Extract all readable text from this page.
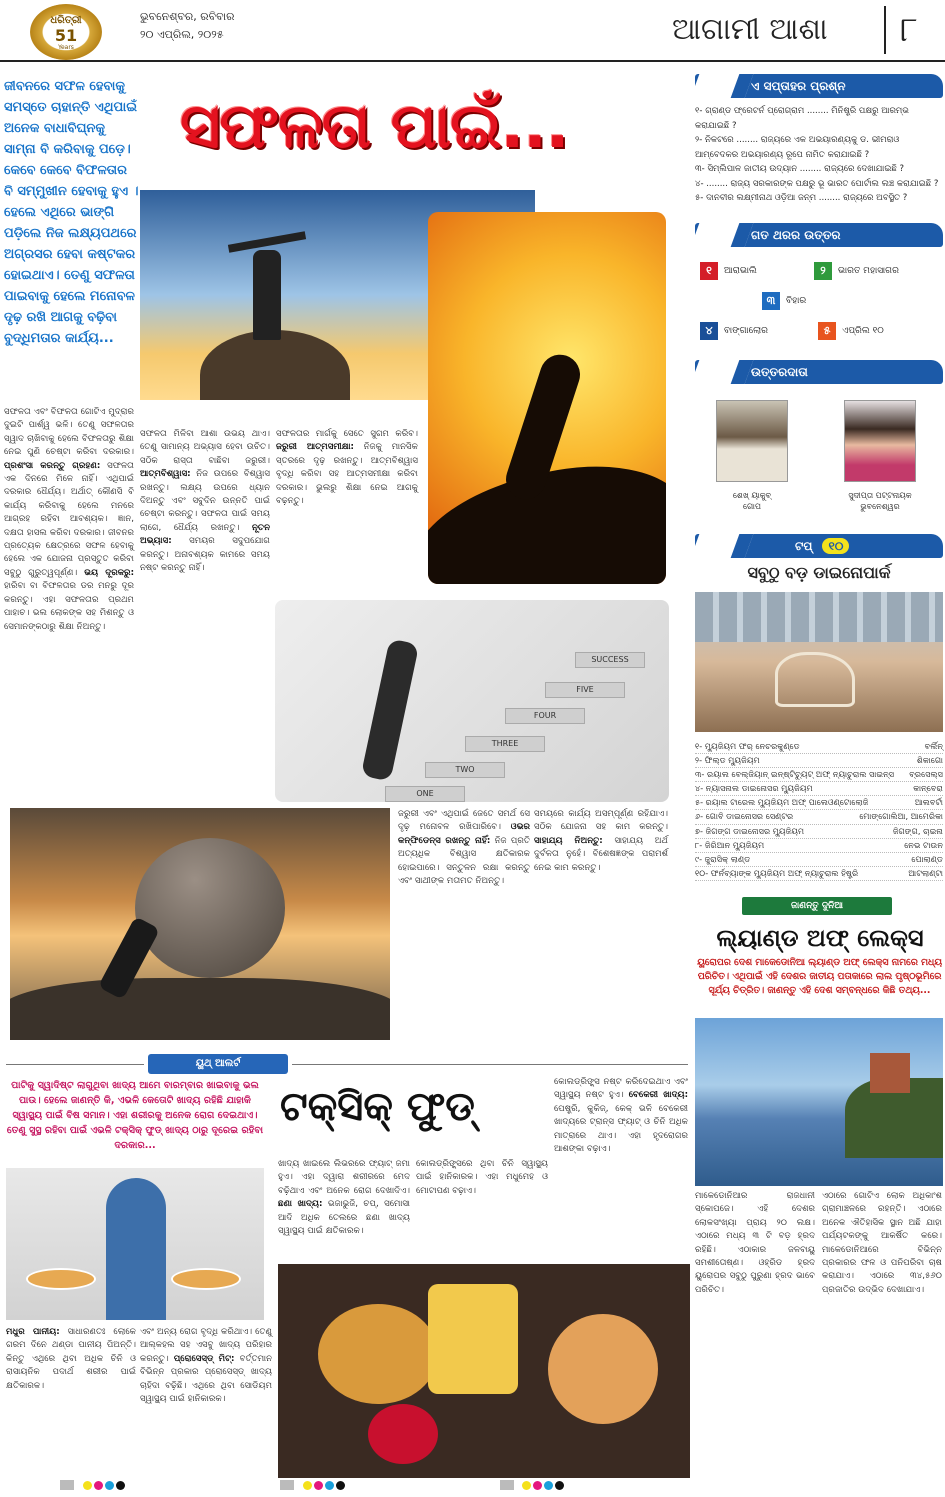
ଧରିତ୍ରୀ
51
Years
ଭୁବନେଶ୍ବର, ରବିବାର
୨୦ ଏପ୍ରିଲ, ୨୦୨୫	ଆଗାମୀ ଆଶା ୮
ଜୀବନରେ ସଫଳ ହେବାକୁ ସମସ୍ତେ ଚାହାନ୍ତି ଏଥିପାଇଁ ଅନେକ ବାଧାବିଘ୍ନକୁ ସାମ୍ନା ବି କରିବାକୁ ପଡ଼େ। କେବେ କେବେ ବିଫଳତାର ବି ସମ୍ମୁଖୀନ ହେବାକୁ ହୁଏ । ହେଲେ ଏଥିରେ ଭାଙ୍ଗି ପଡ଼ିଲେ ନିଜ ଲକ୍ଷ୍ୟପଥରେ ଅଗ୍ରସର ହେବା କଷ୍ଟକର ହୋଇଥାଏ। ତେଣୁ ସଫଳତା ପାଇବାକୁ ହେଲେ ମନୋବଳ ଦୃଢ଼ ରଖି ଆଗକୁ ବଢ଼ିବା ବୁଦ୍ଧିମତାର କାର୍ଯ୍ୟ...
ସଫଳତା ପାଇଁ...
ସଫଳତା ଏବଂ ବିଫଳତା ଗୋଟିଏ ମୁଦ୍ରାର ଦୁଇଟି ପାର୍ଶ୍ୱ ଭଳି। ତେଣୁ ସଫଳତାର ସ୍ୱାଦ ଚାଖିବାକୁ ହେଲେ ବିଫଳତାରୁ ଶିକ୍ଷା ନେଇ ପୁଣି ଚେଷ୍ଟା କରିବା ଦରକାର। ପ୍ରଶଂସା କରନ୍ତୁ ଗ୍ରହଣ: ସଫଳତା ଏକ ଦିନରେ ମିଳେ ନାହିଁ। ଏଥିପାଇଁ ଦରକାର ଧୈର୍ଯ୍ୟ। ଅର୍ଥାତ୍ କୌଣସି ବି କାର୍ଯ୍ୟ କରିବାକୁ ହେଲେ ମନରେ ଆଗ୍ରହ ରହିବା ଆବଶ୍ୟକ। ଜ୍ଞାନ, ଦକ୍ଷତା ହାସଲ କରିବା ଦରକାର। ଜୀବନର ପ୍ରତ୍ୟେକ କ୍ଷେତ୍ରରେ ସଫଳ ହେବାକୁ ହେଲେ ଏକ ଯୋଜନା ପ୍ରସ୍ତୁତ କରିବା ସବୁଠୁ ଗୁରୁତ୍ୱପୂର୍ଣ୍ଣ। ଭୟ ଦୂରକରୁ: ହାରିବା ବା ବିଫଳତାର ଡର ମନରୁ ଦୂର କରନ୍ତୁ। ଏହା ସଫଳତାର ପ୍ରଥମ ପାହାଚ। ଭଲ ଲୋକଙ୍କ ସହ ମିଶନ୍ତୁ ଓ ସେମାନଙ୍କଠାରୁ ଶିକ୍ଷା ନିଅନ୍ତୁ।
ସଫଳତା ମିଳିବା ଆଶା ଉଭୟ ଥାଏ। ତେଣୁ ସାମାନ୍ୟ ଅଭ୍ୟାସ ହେବା ଉଚିତ। ସଠିକ ରାସ୍ତା ବାଛିବା ଜରୁରୀ। ଆତ୍ମବିଶ୍ୱାସ: ନିଜ ଉପରେ ବିଶ୍ୱାସ ରଖନ୍ତୁ। ଲକ୍ଷ୍ୟ ଉପରେ ଧ୍ୟାନ ଦିଅନ୍ତୁ ଏବଂ ସବୁଦିନ ଉନ୍ନତି ପାଇଁ ଚେଷ୍ଟା କରନ୍ତୁ। ସଫଳତା ପାଇଁ ସମୟ ଲାଗେ, ଧୈର୍ଯ୍ୟ ରଖନ୍ତୁ। ନୂତନ ଅଭ୍ୟାସ: ସମୟର ସଦୁପଯୋଗ କରନ୍ତୁ। ଅନାବଶ୍ୟକ କାମରେ ସମୟ ନଷ୍ଟ କରନ୍ତୁ ନାହିଁ।
ସଫଳତାର ମାର୍ଗକୁ ସେତେ ସୁଗମ କରିବ। ଜରୁରୀ ଆତ୍ମସମୀକ୍ଷା: ନିଜକୁ ମାନସିକ ସ୍ତରରେ ଦୃଢ଼ ରଖନ୍ତୁ। ଆତ୍ମବିଶ୍ୱାସ ବୃଦ୍ଧି କରିବା ସହ ଆତ୍ମସମୀକ୍ଷା କରିବା ଦରକାର। ଭୁଲରୁ ଶିକ୍ଷା ନେଇ ଆଗକୁ ବଢ଼ନ୍ତୁ।
SUCCESS
FIVE
FOUR
THREE
TWO
ONE
ଜରୁରୀ ଏବଂ ଏଥିପାଇଁ ଜେତେ ସମର୍ଥ ସେ ଦୃଢ଼ ମନୋବଳ ରଖିପାରିବେ। ଓଭର କନ୍ଫିଡେନ୍ସ ରଖନ୍ତୁ ନାହିଁ: ନିଜ ପ୍ରତି ଅତ୍ୟଧିକ ବିଶ୍ୱାସ କ୍ଷତିକାରକ ହୋଇପାରେ। ସନ୍ତୁଳନ ରକ୍ଷା କରନ୍ତୁ ଏବଂ ସାଥୀଙ୍କ ମତାମତ ନିଅନ୍ତୁ।
ସମୟରେ କାର୍ଯ୍ୟ ଅସମ୍ପୂର୍ଣ୍ଣ ରହିଯାଏ। ସଠିକ ଯୋଜନା ସହ କାମ କରନ୍ତୁ। ସାହାଯ୍ୟ ନିଅନ୍ତୁ: ସାହାଯ୍ୟ ଅର୍ଥ ଦୁର୍ବଳତା ନୁହେଁ। ବିଶେଷଜ୍ଞଙ୍କ ପରାମର୍ଶ ନେଇ କାମ କରନ୍ତୁ।
ଏ ସପ୍ତାହର ପ୍ରଶ୍ନ
୧- ଗ୍ରାଣ୍ଡ ଫ୍ରେଟର୍ନ ପ୍ରୋଗ୍ରାମ ........ ମିନିଷ୍ଟ୍ରି ପକ୍ଷରୁ ଆରମ୍ଭ କରାଯାଇଛି ?
୨- ନିକଟରେ ........ ରାଜ୍ୟରେ ଏକ ଅଭୟାରଣ୍ୟକୁ ଡ. ଭୀମରାଓ ଆମ୍ବେଦକର ଅଭୟାରଣ୍ୟ ରୂପେ ନାମିତ କରାଯାଇଛି ?
୩- ସିମ୍ଲିପାଳ ଜାତୀୟ ଉଦ୍ୟାନ ........ ରାଜ୍ୟରେ ଦେଖାଯାଇଛି ?
୪- ........ ରାଜ୍ୟ ସରକାରଙ୍କ ପକ୍ଷରୁ ଭୂ ଭାରତ ପୋର୍ଟାଲ ଲଞ୍ଚ କରାଯାଇଛି ?
୫- ଦାନବୀର ଲକ୍ଷ୍ମୀନାଥ ଓଡ଼ିଆ ଜନ୍ମ ........ ରାଜ୍ୟରେ ଅବସ୍ଥିତ ?
ଗତ ଥରର ଉତ୍ତର
୧	ଆରାଭାଲି	୨	ଭାରତ ମହାସାଗର
୩	ବିହାର
୪	ବାଙ୍ଗାଲୋର	୫	ଏପ୍ରିଲ ୧୦
ଉତ୍ତରଦାତା
ଶେଖ୍ ୟାକୁବ୍
ଗୋପ
ସୁଦୀପ୍ତା ପଟ୍ଟନାୟକ
ଭୁବନେଶ୍ୱର
ଟପ୍ ୧୦
ସବୁଠୁ ବଡ଼ ଡାଇନୋପାର୍କ
୧- ମ୍ୟୁଜିୟମ ଫର୍ ନେଚରକୁଣ୍ଡେ	ବର୍ଲିନ୍
୨- ଫିଲ୍ଡ ମ୍ୟୁଜିୟମ	ଶିକାଗୋ
୩- ରୟାଲ ବେଲ୍ଜିୟାନ୍ ଇନ୍‌ଷ୍ଟିଚ୍ୟୁଟ୍ ଅଫ୍ ନ୍ୟାଚୁରାଲ ସାଇନ୍ସ ବ୍ରସେଲ୍ସ
୪- ନ୍ୟାସନାଲ ଡାଇନୋସର ମ୍ୟୁଜିୟମ	କାନ୍‌ବେରା
୫- ରୟାଲ ଟାରେଲ ମ୍ୟୁଜିୟମ ଅଫ୍ ପାଲେଓଣ୍ଟୋଲୋଜି	ଆଲବର୍ଟା
୬- ଗୋବି ଡାଇନୋସର ସେଣ୍ଟର	ମୋଙ୍ଗୋଲିଆ, ଆମେରିକା
୭- ଜିଗଙ୍ଗ ଡାଇନୋସର ମ୍ୟୁଜିୟମ	ଜିଗଙ୍ଗ, ଚାଇନା
୮- ଜିରିଆନ ମ୍ୟୁଜିୟମ	ନେଭ ଟାଉନ
୯- ଜୁରାସିକ୍ ଲାଣ୍ଡ	ପୋଲାଣ୍ଡ
୧୦- ଫର୍ନବ୍ୟାଙ୍କ ମ୍ୟୁଜିୟମ ଅଫ୍ ନ୍ୟାଚୁରାଲ ହିଷ୍ଟ୍ରି	ଆଟଲାଣ୍ଟା
ଜାଣନ୍ତୁ ଦୁନିଆ
ଲ୍ୟାଣ୍ଡ ଅଫ୍ ଲେକ୍ସ
ୟୁରୋପର ଦେଶ ମାକେଡୋନିଆ ଲ୍ୟାଣ୍ଡ ଅଫ୍ ଲେକ୍ସ ନାମରେ ମଧ୍ୟ ପରିଚିତ। ଏଥିପାଇଁ ଏହି ଦେଶର ଜାତୀୟ ପତାକାରେ ଲାଲ ପୃଷ୍ଠଭୂମିରେ ସୂର୍ଯ୍ୟ ଚିତ୍ରିତ। ଜାଣନ୍ତୁ ଏହି ଦେଶ ସମ୍ବନ୍ଧରେ କିଛି ତଥ୍ୟ...
ମାକେଡୋନିଆର ରାଜଧାନୀ ସ୍କୋପଜେ। ଏହି ଦେଶର ଲୋକସଂଖ୍ୟା ପ୍ରାୟ ୨୦ ଲକ୍ଷ। ଏଠାରେ ମଧ୍ୟ ୩ ଟି ବଡ଼ ହ୍ରଦ ରହିଛି। ଏଠାକାର ଜଳବାୟୁ ସମଶୀତୋଷ୍ଣ। ଓହ୍ରିଡ ହ୍ରଦ ୟୁରୋପର ସବୁଠୁ ପୁରୁଣା ହ୍ରଦ ଭାବେ ପରିଚିତ।
ଏଠାରେ ଗୋଟିଏ ଲୋକ ଅଧିକାଂଶ ଗ୍ରାମାଞ୍ଚଳରେ ରହନ୍ତି। ଏଠାରେ ଅନେକ ଐତିହାସିକ ସ୍ଥାନ ଅଛି ଯାହା ପର୍ଯ୍ୟଟକଙ୍କୁ ଆକର୍ଷିତ କରେ। ମାକେଡୋନିଆରେ ବିଭିନ୍ନ ପ୍ରକାରର ଫଳ ଓ ପନିପରିବା ଚାଷ କରାଯାଏ। ଏଠାରେ ୩୪,୫୬୦ ପ୍ରଜାତିର ଉଦ୍ଭିଦ ଦେଖାଯାଏ।
ୟୁଥ୍ ଆଲର୍ଟ
ପାଟିକୁ ସ୍ୱାଦିଷ୍ଟ ଲାଗୁଥିବା ଖାଦ୍ୟ ଆମେ ବାରମ୍ବାର ଖାଇବାକୁ ଭଲ ପାଉ। ହେଲେ ଜାଣନ୍ତି କି, ଏଭଳି କେତୋଟି ଖାଦ୍ୟ ରହିଛି ଯାହାକି ସ୍ୱାସ୍ଥ୍ୟ ପାଇଁ ବିଷ ସମାନ। ଏହା ଶରୀରକୁ ଅନେକ ରୋଗ ଦେଇଥାଏ। ତେଣୁ ସୁସ୍ଥ ରହିବା ପାଇଁ ଏଭଳି ଟକ୍ସିକ୍ ଫୁଡ୍ ଖାଦ୍ୟ ଠାରୁ ଦୂରେଇ ରହିବା ଦରକାର...
ଟକ୍ସିକ୍ ଫୁଡ୍
ଖାଦ୍ୟ ଖାଇଲେ ଲିଭରରେ ଫ୍ୟାଟ୍ ଜମା ହୁଏ। ଏହା ଦ୍ୱାରା ଶରୀରରେ ମେଦ ବଢ଼ିଥାଏ ଏବଂ ଅନେକ ରୋଗ ଦେଖାଦିଏ। ଛଣା ଖାଦ୍ୟ: ଭଜାଭୁଜି, ଚପ୍, ସମୋସା ଆଦି ଅଧିକ ତେଲରେ ଛଣା ଖାଦ୍ୟ ସ୍ୱାସ୍ଥ୍ୟ ପାଇଁ କ୍ଷତିକାରକ।
କୋଲଡ୍ରିଙ୍କ୍ସରେ ଥିବା ଚିନି ସ୍ୱାସ୍ଥ୍ୟ ପାଇଁ ହାନିକାରକ। ଏହା ମଧୁମେହ ଓ ମୋଟାପଣ ବଢ଼ାଏ।
କୋଲଡ୍ରିଙ୍କ୍ସ ନଷ୍ଟ କରିଦେଇଥାଏ ଏବଂ ସ୍ୱାସ୍ଥ୍ୟ ନଷ୍ଟ ହୁଏ। ବେକେରୀ ଖାଦ୍ୟ: ପେଷ୍ଟ୍ରି, କୁକିଜ୍, କେକ୍ ଭଳି ବେକେରୀ ଖାଦ୍ୟରେ ଟ୍ରାନ୍ସ ଫ୍ୟାଟ୍ ଓ ଚିନି ଅଧିକ ମାତ୍ରାରେ ଥାଏ। ଏହା ହୃଦରୋଗର ଆଶଙ୍କା ବଢ଼ାଏ।
ମଧୁର ପାନୀୟ: ସାଧାରଣତଃ ଲୋକେ ଗରମ ଦିନେ ଥଣ୍ଡା ପାନୀୟ ପିଅନ୍ତି। କିନ୍ତୁ ଏଥିରେ ଥିବା ଅଧିକ ଚିନି ଓ ରାସାୟନିକ ପଦାର୍ଥ ଶରୀର ପାଇଁ କ୍ଷତିକାରକ।
ଏବଂ ଅନ୍ୟ ରୋଗ ବୃଦ୍ଧି କରିଥାଏ। ତେଣୁ ଆଲ୍‌କହଲ ସହ ଏସବୁ ଖାଦ୍ୟ ପରିହାର କରନ୍ତୁ। ପ୍ରୋସେସ୍ଡ୍ ମିଟ୍: ବର୍ତ୍ତମାନ ବିଭିନ୍ନ ପ୍ରକାର ପ୍ରୋସେସ୍ଡ୍ ଖାଦ୍ୟ ଚାହିଦା ବଢ଼ିଛି। ଏଥିରେ ଥିବା ସୋଡିୟମ ସ୍ୱାସ୍ଥ୍ୟ ପାଇଁ ହାନିକାରକ।
